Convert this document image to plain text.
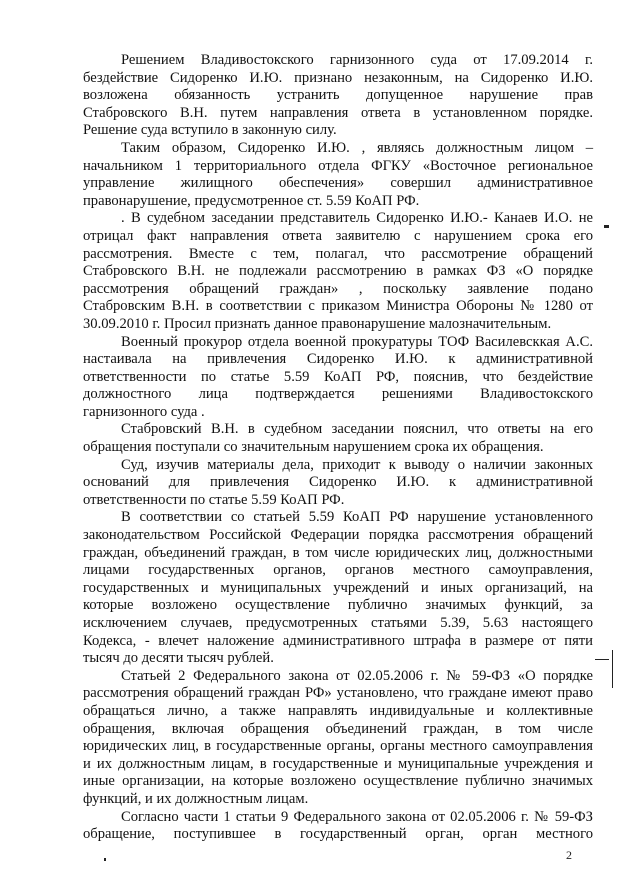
Решением Владивостокского гарнизонного суда от 17.09.2014 г.
бездействие Сидоренко И.Ю. признано незаконным, на Сидоренко И.Ю.
возложена обязанность устранить допущенное нарушение прав
Стабровского В.Н. путем направления ответа в установленном порядке.
Решение суда вступило в законную силу.
Таким образом, Сидоренко И.Ю. , являясь должностным лицом –
начальником 1 территориального отдела ФГКУ «Восточное региональное
управление жилищного обеспечения» совершил административное
правонарушение, предусмотренное ст. 5.59 КоАП РФ.
. В судебном заседании представитель Сидоренко И.Ю.- Канаев И.О. не
отрицал факт направления ответа заявителю с нарушением срока его
рассмотрения. Вместе с тем, полагал, что рассмотрение обращений
Стабровского В.Н. не подлежали рассмотрению в рамках ФЗ «О порядке
рассмотрения обращений граждан» , поскольку заявление подано
Стабровским В.Н. в соответствии с приказом Министра Обороны № 1280 от
30.09.2010 г. Просил признать данное правонарушение малозначительным.
Военный прокурор отдела военной прокуратуры ТОФ Василевсккая А.С.
настаивала на привлечения Сидоренко И.Ю. к административной
ответственности по статье 5.59 КоАП РФ, пояснив, что бездействие
должностного лица подтверждается решениями Владивостокского
гарнизонного суда .
Стабровский В.Н. в судебном заседании пояснил, что ответы на его
обращения поступали со значительным нарушением срока их обращения.
Суд, изучив материалы дела, приходит к выводу о наличии законных
оснований для привлечения Сидоренко И.Ю. к административной
ответственности по статье 5.59 КоАП РФ.
В соответствии со статьей 5.59 КоАП РФ нарушение установленного
законодательством Российской Федерации порядка рассмотрения обращений
граждан, объединений граждан, в том числе юридических лиц, должностными
лицами государственных органов, органов местного самоуправления,
государственных и муниципальных учреждений и иных организаций, на
которые возложено осуществление публично значимых функций, за
исключением случаев, предусмотренных статьями 5.39, 5.63 настоящего
Кодекса, - влечет наложение административного штрафа в размере от пяти
тысяч до десяти тысяч рублей.
Статьей 2 Федерального закона от 02.05.2006 г. № 59-ФЗ «О порядке
рассмотрения обращений граждан РФ» установлено, что граждане имеют право
обращаться лично, а также направлять индивидуальные и коллективные
обращения, включая обращения объединений граждан, в том числе
юридических лиц, в государственные органы, органы местного самоуправления
и их должностным лицам, в государственные и муниципальные учреждения и
иные организации, на которые возложено осуществление публично значимых
функций, и их должностным лицам.
Согласно части 1 статьи 9 Федерального закона от 02.05.2006 г. № 59-ФЗ
обращение, поступившее в государственный орган, орган местного
2
